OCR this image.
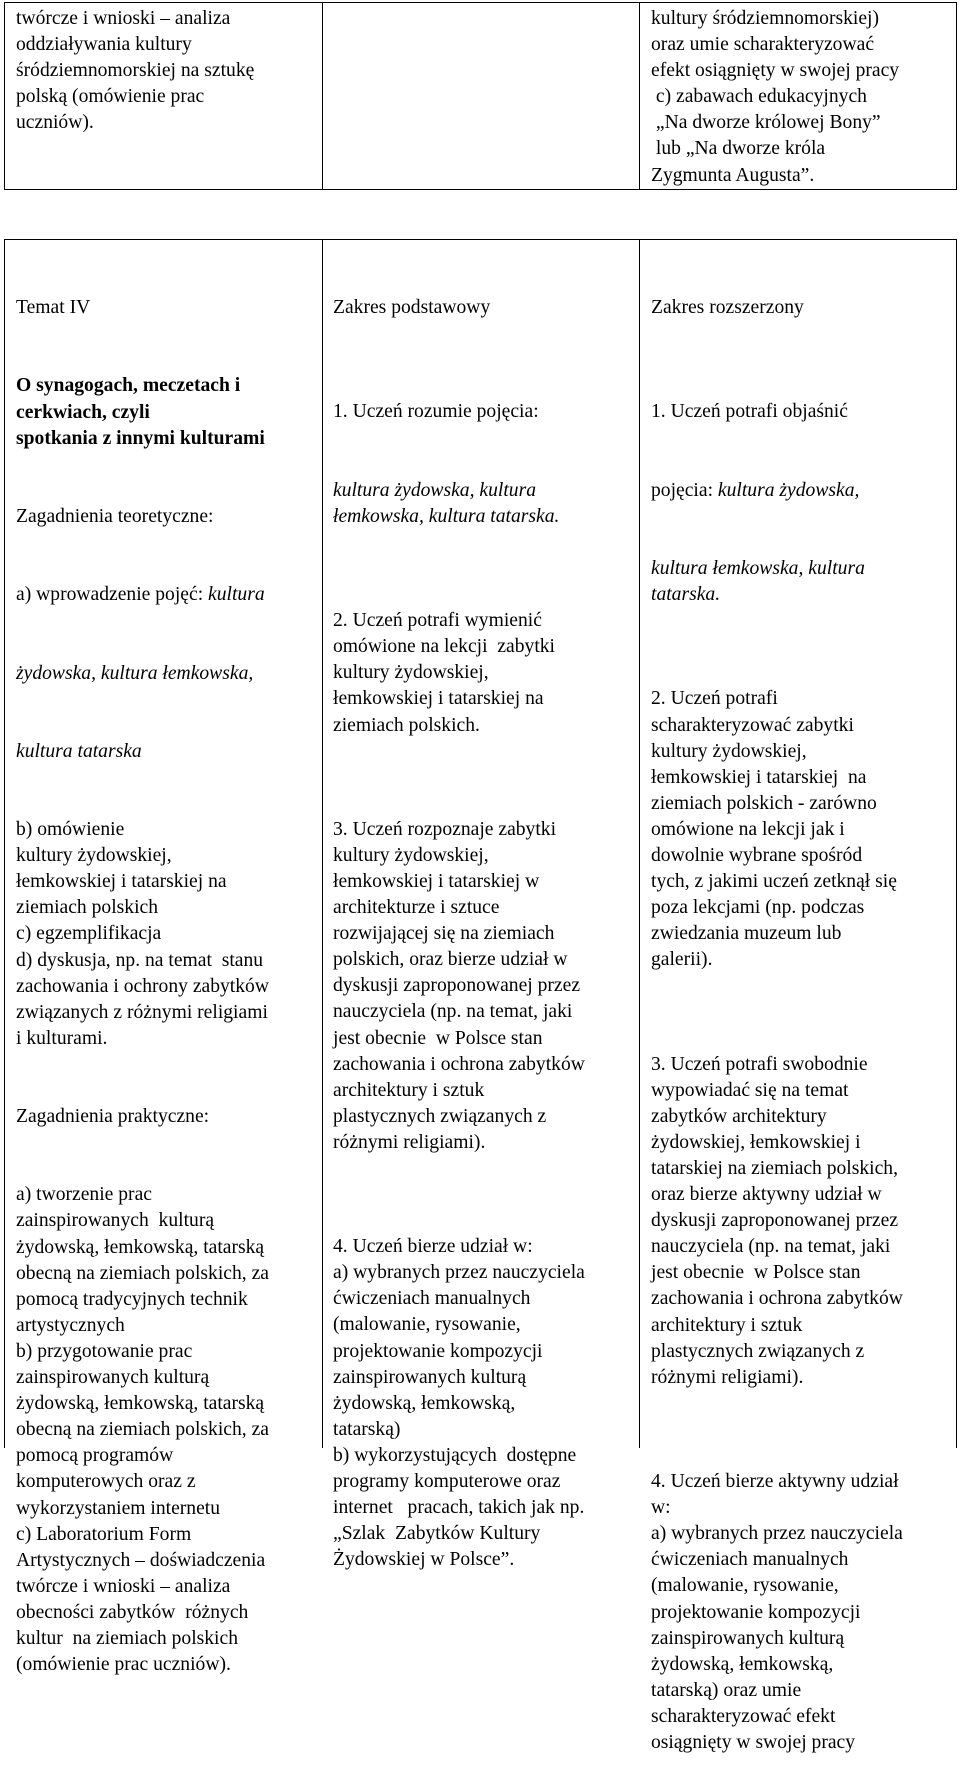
twórcze i wnioski – analiza
oddziaływania kultury
śródziemnomorskiej na sztukę
polską (omówienie prac
uczniów).
kultury śródziemnomorskiej)
oraz umie scharakteryzować
efekt osiągnięty w swojej pracy
c) zabawach edukacyjnych
„Na dworze królowej Bony”
lub „Na dworze króla
Zygmunta Augusta”.

Temat IV

O synagogach, meczetach i
cerkwiach, czyli
spotkania z innymi kulturami

Zagadnienia teoretyczne:

a) wprowadzenie pojęć: kultura

żydowska, kultura łemkowska,

kultura tatarska

b) omówienie
kultury żydowskiej,
łemkowskiej i tatarskiej na
ziemiach polskich
c) egzemplifikacja
d) dyskusja, np. na temat  stanu
zachowania i ochrony zabytków
związanych z różnymi religiami
i kulturami.

Zagadnienia praktyczne:

a) tworzenie prac
zainspirowanych  kulturą
żydowską, łemkowską, tatarską
obecną na ziemiach polskich, za
pomocą tradycyjnych technik
artystycznych
b) przygotowanie prac
zainspirowanych kulturą
żydowską, łemkowską, tatarską
obecną na ziemiach polskich, za
pomocą programów
komputerowych oraz z
wykorzystaniem internetu
c) Laboratorium Form
Artystycznych – doświadczenia
twórcze i wnioski – analiza
obecności zabytków  różnych
kultur  na ziemiach polskich
(omówienie prac uczniów).

Zakres podstawowy

1. Uczeń rozumie pojęcia:

kultura żydowska, kultura
łemkowska, kultura tatarska.

2. Uczeń potrafi wymienić
omówione na lekcji  zabytki
kultury żydowskiej,
łemkowskiej i tatarskiej na
ziemiach polskich.

3. Uczeń rozpoznaje zabytki
kultury żydowskiej,
łemkowskiej i tatarskiej w
architekturze i sztuce
rozwijającej się na ziemiach
polskich, oraz bierze udział w
dyskusji zaproponowanej przez
nauczyciela (np. na temat, jaki
jest obecnie  w Polsce stan
zachowania i ochrona zabytków
architektury i sztuk
plastycznych związanych z
różnymi religiami).

4. Uczeń bierze udział w:
a) wybranych przez nauczyciela
ćwiczeniach manualnych
(malowanie, rysowanie,
projektowanie kompozycji
zainspirowanych kulturą
żydowską, łemkowską,
tatarską)
b) wykorzystujących  dostępne
programy komputerowe oraz
internet   pracach, takich jak np.
„Szlak  Zabytków Kultury
Żydowskiej w Polsce”.

Zakres rozszerzony

1. Uczeń potrafi objaśnić

pojęcia: kultura żydowska,

kultura łemkowska, kultura
tatarska.

2. Uczeń potrafi
scharakteryzować zabytki
kultury żydowskiej,
łemkowskiej i tatarskiej  na
ziemiach polskich - zarówno
omówione na lekcji jak i
dowolnie wybrane spośród
tych, z jakimi uczeń zetknął się
poza lekcjami (np. podczas
zwiedzania muzeum lub
galerii).

3. Uczeń potrafi swobodnie
wypowiadać się na temat
zabytków architektury
żydowskiej, łemkowskiej i
tatarskiej na ziemiach polskich,
oraz bierze aktywny udział w
dyskusji zaproponowanej przez
nauczyciela (np. na temat, jaki
jest obecnie  w Polsce stan
zachowania i ochrona zabytków
architektury i sztuk
plastycznych związanych z
różnymi religiami).

4. Uczeń bierze aktywny udział
w:
a) wybranych przez nauczyciela
ćwiczeniach manualnych
(malowanie, rysowanie,
projektowanie kompozycji
zainspirowanych kulturą
żydowską, łemkowską,
tatarską) oraz umie
scharakteryzować efekt
osiągnięty w swojej pracy
